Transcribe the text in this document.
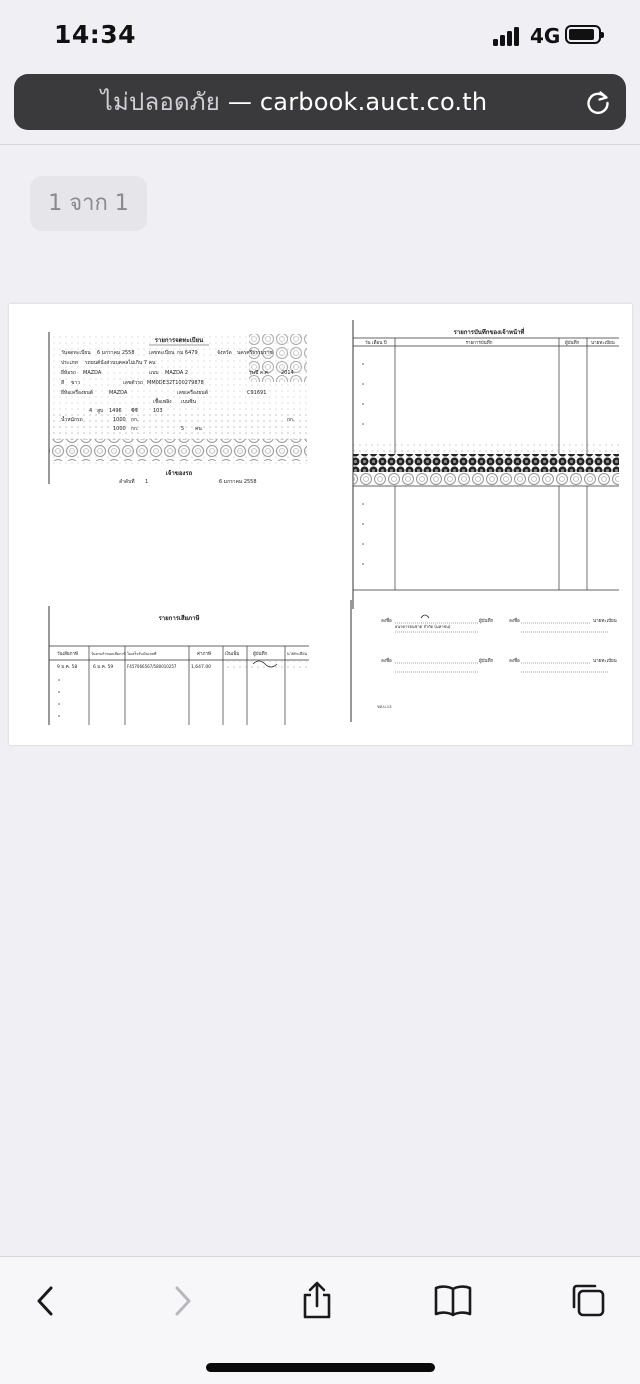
14:34	4G
ไม่ปลอดภัย — carbook.auct.co.th
1 จาก 1
รายการจดทะเบียน
วันจดทะเบียน 6 มกราคม 2558	เลขทะเบียน กม 6479	จังหวัด นครศรีธรรมราช
ประเภท รถยนต์นั่งส่วนบุคคลไม่เกิน 7 คน
ยี่ห้อรถ MAZDA	แบบ MAZDA 2	รุ่นปี ค.ศ. 2014
สี ขาว	เลขตัวรถ MM0DE32T100279878
ยี่ห้อเครื่องยนต์	MAZDA	เลขเครื่องยนต์	C91691
เชื้อเพลิง เบนซิน
4 สูบ 1496 ซีซี	103
น้ำหนักรถ	1000 กก.	กก.
1000 กก.	5 คน
เจ้าของรถ
ลำดับที่ 1	6 มกราคม 2558
รายการเสียภาษี
วันเสียภาษี	วันครบกำหนดเสียภาษี ใบเสร็จรับเงินเลขที่	ค่าภาษี	เงินเพิ่ม	ผู้บันทึก	นายทะเบียน
9 ม.ค. 58	6 ม.ค. 59	F457066567/580010257	1,647.00
รายการบันทึกของเจ้าหน้าที่
วัน เดือน ปี	รายการบันทึก	ผู้บันทึก	นายทะเบียน
ลงชื่อ
ธนาคารธนชาต จำกัด (มหาชน)
ผู้บันทึก	ลงชื่อ	นายทะเบียน
ลงชื่อ	ผู้บันทึก	ลงชื่อ	นายทะเบียน
ขส.บ.13
